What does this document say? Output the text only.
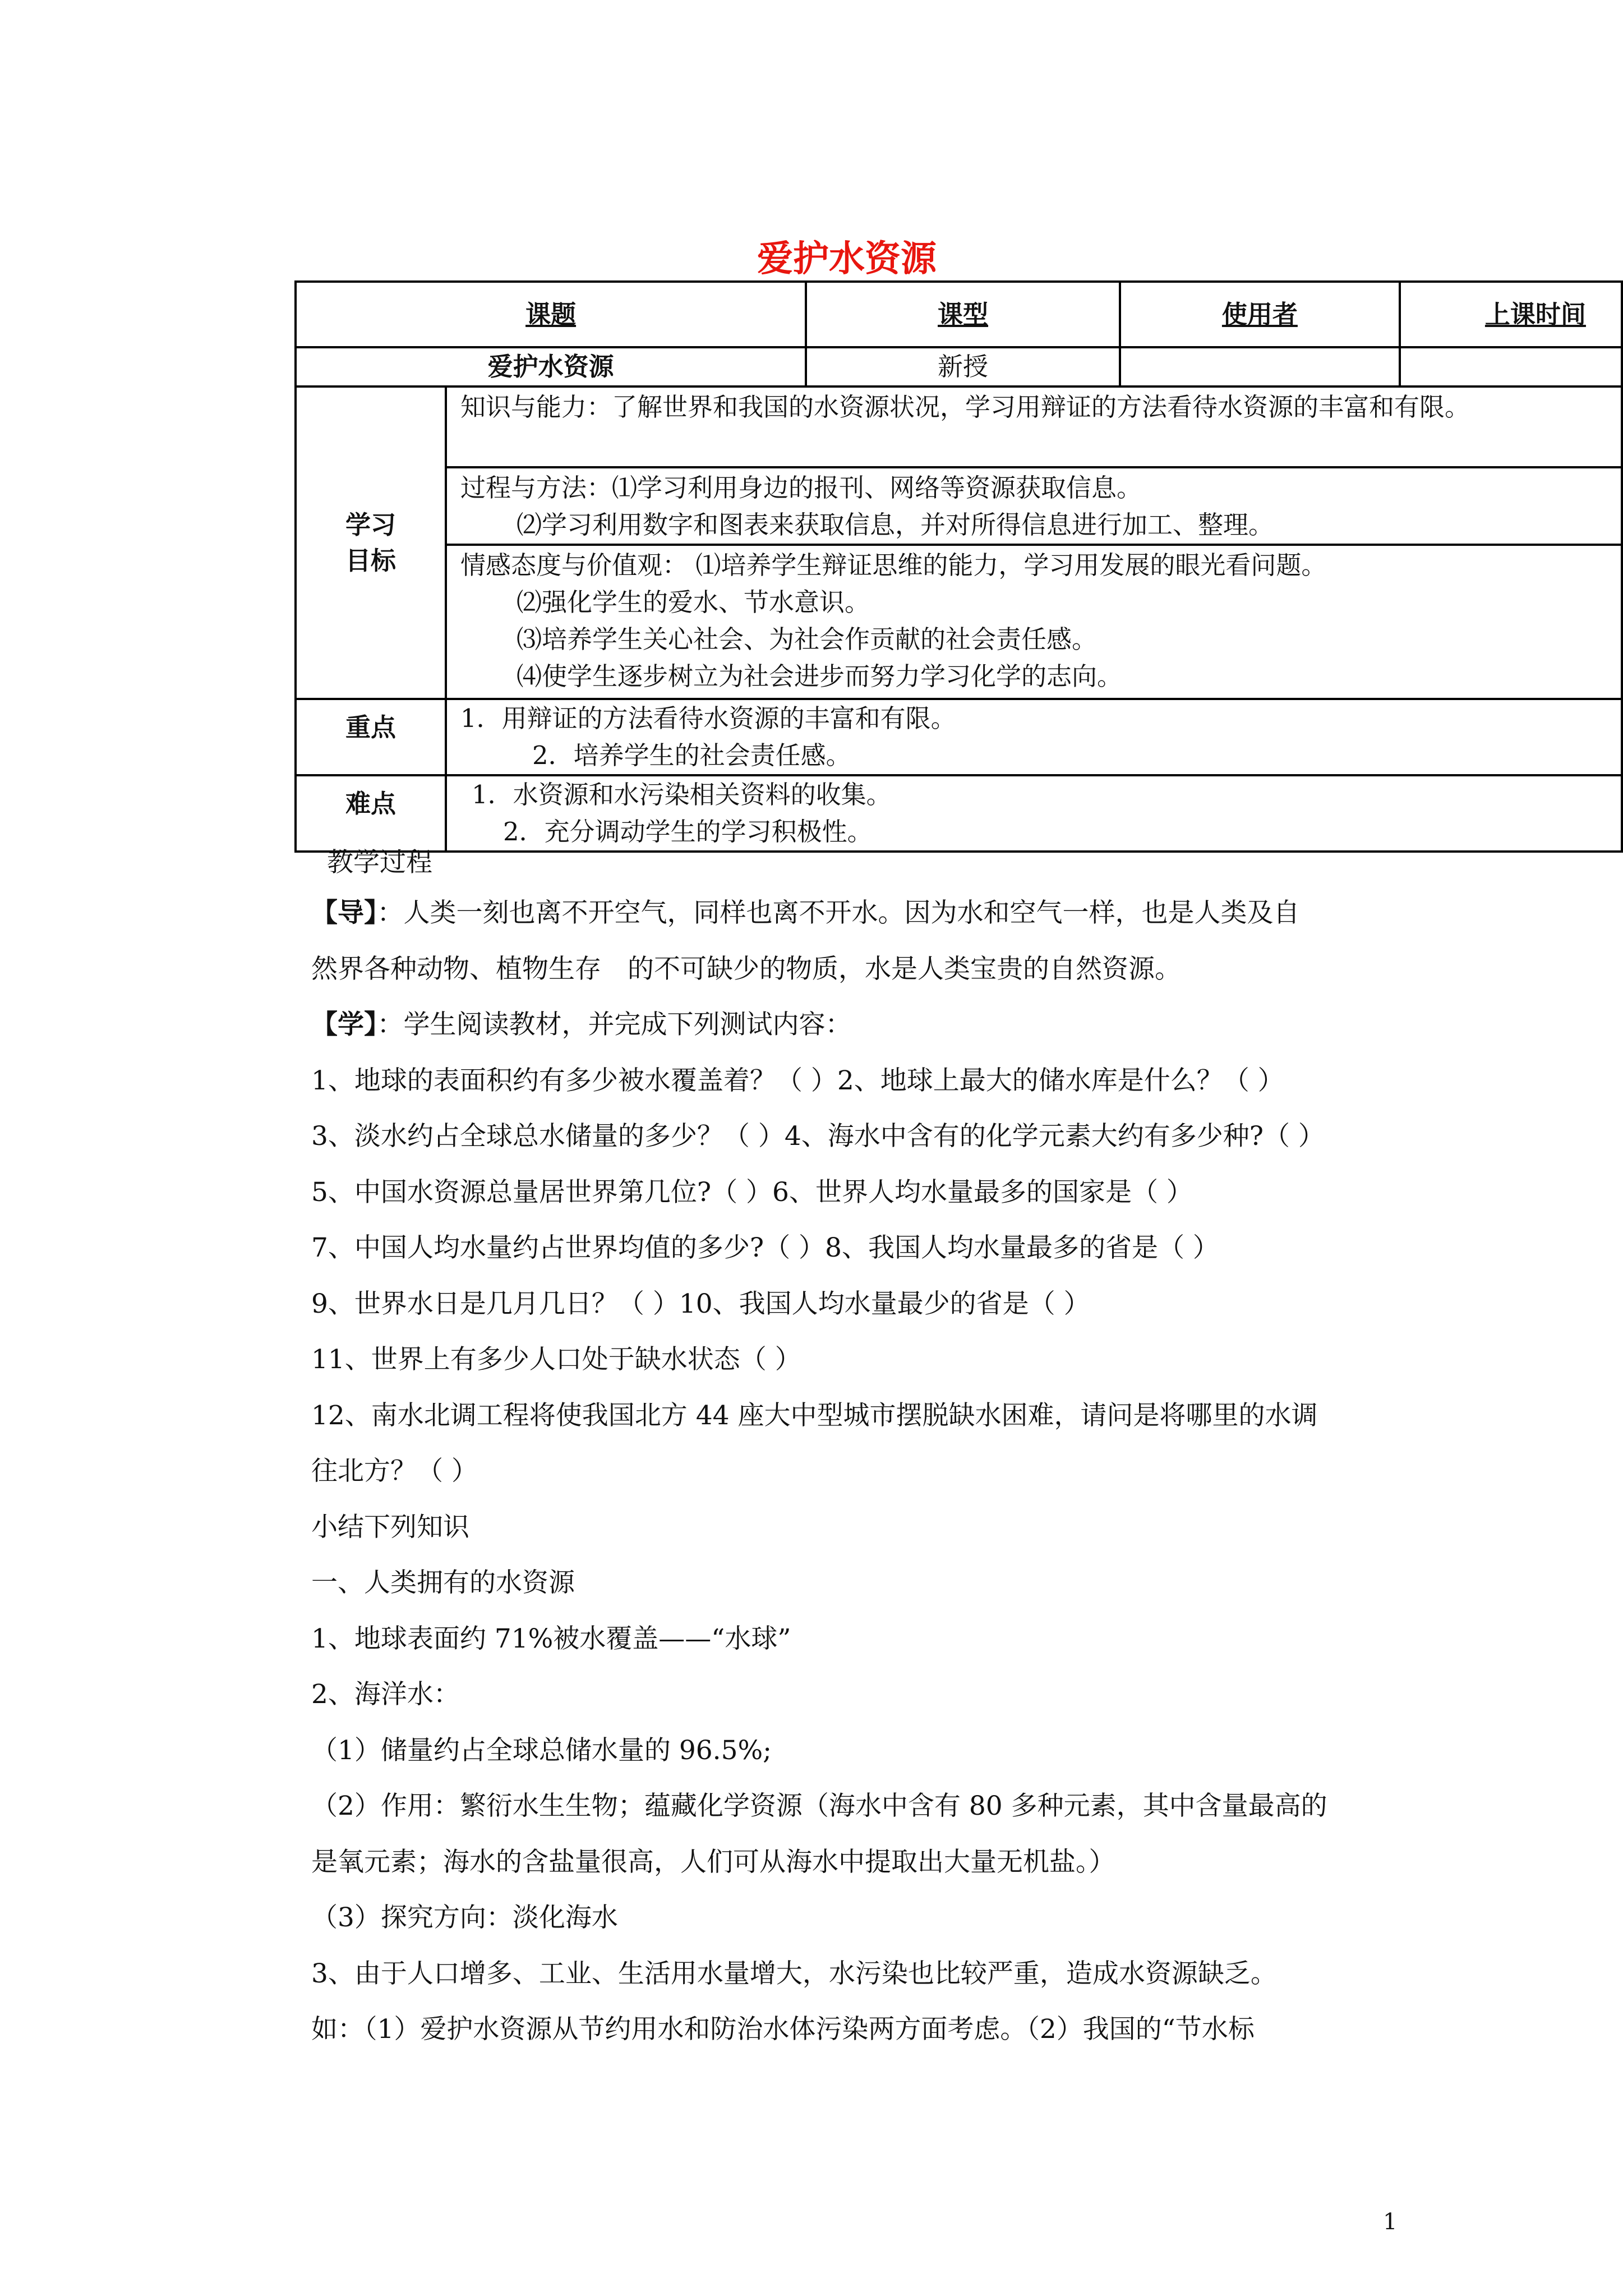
爱护水资源
课题		课型	使用者	上课时间
爱护水资源		新授		

学习目标	知识与能力：了解世界和我国的水资源状况，学习用辩证的方法看待水资源的丰富和有限。			

	过程与方法：⑴学习利用身边的报刊、网络等资源获取信息。
⑵学习利用数字和图表来获取信息，并对所得信息进行加工、整理。			

	情感态度与价值观： ⑴培养学生辩证思维的能力，学习用发展的眼光看问题。
⑵强化学生的爱水、节水意识。
⑶培养学生关心社会、为社会作贡献的社会责任感。
⑷使学生逐步树立为社会进步而努力学习化学的志向。			

重点	1．用辩证的方法看待水资源的丰富和有限。
2．培养学生的社会责任感。			

难点	1．水资源和水污染相关资料的收集。
2．充分调动学生的学习积极性。			

教学过程

【导】：人类一刻也离不开空气，同样也离不开水。因为水和空气一样，也是人类及自

然界各种动物、植物生存　的不可缺少的物质，水是人类宝贵的自然资源。

【学】：学生阅读教材，并完成下列测试内容：

1、地球的表面积约有多少被水覆盖着？（ ）2、地球上最大的储水库是什么？（ ）

3、淡水约占全球总水储量的多少？（ ）4、海水中含有的化学元素大约有多少种?（ ）

5、中国水资源总量居世界第几位?（ ）6、世界人均水量最多的国家是（ ）

7、中国人均水量约占世界均值的多少?（ ）8、我国人均水量最多的省是（ ）

9、世界水日是几月几日？（ ）10、我国人均水量最少的省是（ ）

11、世界上有多少人口处于缺水状态（ ）

12、南水北调工程将使我国北方 44 座大中型城市摆脱缺水困难，请问是将哪里的水调

往北方？（ ）

小结下列知识

一、人类拥有的水资源

1、地球表面约 71%被水覆盖——“水球”

2、海洋水：

（1）储量约占全球总储水量的 96.5%;

（2）作用：繁衍水生生物；蕴藏化学资源（海水中含有 80 多种元素，其中含量最高的

是氧元素；海水的含盐量很高，人们可从海水中提取出大量无机盐。）

（3）探究方向：淡化海水

3、由于人口增多、工业、生活用水量增大，水污染也比较严重，造成水资源缺乏。

如：（1）爱护水资源从节约用水和防治水体污染两方面考虑。（2）我国的“节水标

1
